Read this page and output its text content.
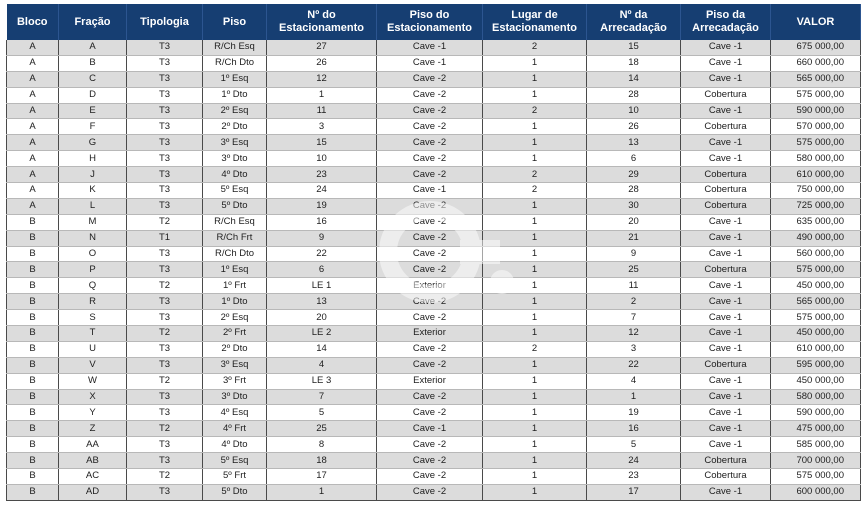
Bloco	Fração	Tipologia	Piso	Nº do Estacionamento	Piso do Estacionamento	Lugar de Estacionamento	Nº da Arrecadação	Piso da Arrecadação	VALOR
A	A	T3	R/Ch Esq	27	Cave -1	2	15	Cave -1	675 000,00
A	B	T3	R/Ch Dto	26	Cave -1	1	18	Cave -1	660 000,00
A	C	T3	1º Esq	12	Cave -2	1	14	Cave -1	565 000,00
A	D	T3	1º Dto	1	Cave -2	1	28	Cobertura	575 000,00
A	E	T3	2º Esq	11	Cave -2	2	10	Cave -1	590 000,00
A	F	T3	2º Dto	3	Cave -2	1	26	Cobertura	570 000,00
A	G	T3	3º Esq	15	Cave -2	1	13	Cave -1	575 000,00
A	H	T3	3º Dto	10	Cave -2	1	6	Cave -1	580 000,00
A	J	T3	4º Dto	23	Cave -2	2	29	Cobertura	610 000,00
A	K	T3	5º Esq	24	Cave -1	2	28	Cobertura	750 000,00
A	L	T3	5º Dto	19	Cave -2	1	30	Cobertura	725 000,00
B	M	T2	R/Ch Esq	16	Cave -2	1	20	Cave -1	635 000,00
B	N	T1	R/Ch Frt	9	Cave -2	1	21	Cave -1	490 000,00
B	O	T3	R/Ch Dto	22	Cave -2	1	9	Cave -1	560 000,00
B	P	T3	1º Esq	6	Cave -2	1	25	Cobertura	575 000,00
B	Q	T2	1º Frt	LE 1	Exterior	1	11	Cave -1	450 000,00
B	R	T3	1º Dto	13	Cave -2	1	2	Cave -1	565 000,00
B	S	T3	2º Esq	20	Cave -2	1	7	Cave -1	575 000,00
B	T	T2	2º Frt	LE 2	Exterior	1	12	Cave -1	450 000,00
B	U	T3	2º Dto	14	Cave -2	2	3	Cave -1	610 000,00
B	V	T3	3º Esq	4	Cave -2	1	22	Cobertura	595 000,00
B	W	T2	3º Frt	LE 3	Exterior	1	4	Cave -1	450 000,00
B	X	T3	3º Dto	7	Cave -2	1	1	Cave -1	580 000,00
B	Y	T3	4º Esq	5	Cave -2	1	19	Cave -1	590 000,00
B	Z	T2	4º Frt	25	Cave -1	1	16	Cave -1	475 000,00
B	AA	T3	4º Dto	8	Cave -2	1	5	Cave -1	585 000,00
B	AB	T3	5º Esq	18	Cave -2	1	24	Cobertura	700 000,00
B	AC	T2	5º Frt	17	Cave -2	1	23	Cobertura	575 000,00
B	AD	T3	5º Dto	1	Cave -2	1	17	Cave -1	600 000,00
